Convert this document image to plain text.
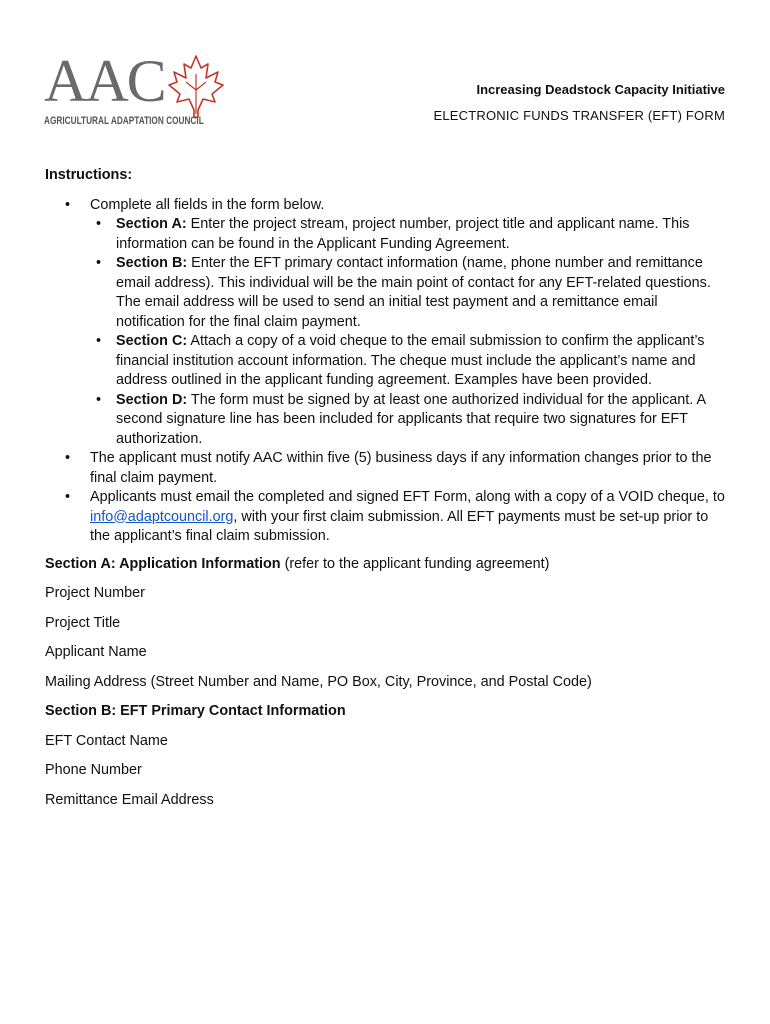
AAC
AGRICULTURAL ADAPTATION COUNCIL
Increasing Deadstock Capacity Initiative
ELECTRONIC FUNDS TRANSFER (EFT) FORM
Instructions:
• Complete all fields in the form below.
• Section A: Enter the project stream, project number, project title and applicant name. This information can be found in the Applicant Funding Agreement.
• Section B: Enter the EFT primary contact information (name, phone number and remittance email address). This individual will be the main point of contact for any EFT-related questions. The email address will be used to send an initial test payment and a remittance email notification for the final claim payment.
• Section C: Attach a copy of a void cheque to the email submission to confirm the applicant’s financial institution account information. The cheque must include the applicant’s name and address outlined in the applicant funding agreement. Examples have been provided.
• Section D: The form must be signed by at least one authorized individual for the applicant. A second signature line has been included for applicants that require two signatures for EFT authorization.
• The applicant must notify AAC within five (5) business days if any information changes prior to the final claim payment.
• Applicants must email the completed and signed EFT Form, along with a copy of a VOID cheque, to info@adaptcouncil.org, with your first claim submission. All EFT payments must be set-up prior to the applicant’s final claim submission.
Section A: Application Information (refer to the applicant funding agreement)
Project Number
Project Title
Applicant Name
Mailing Address (Street Number and Name, PO Box, City, Province, and Postal Code)
Section B: EFT Primary Contact Information
EFT Contact Name
Phone Number
Remittance Email Address
